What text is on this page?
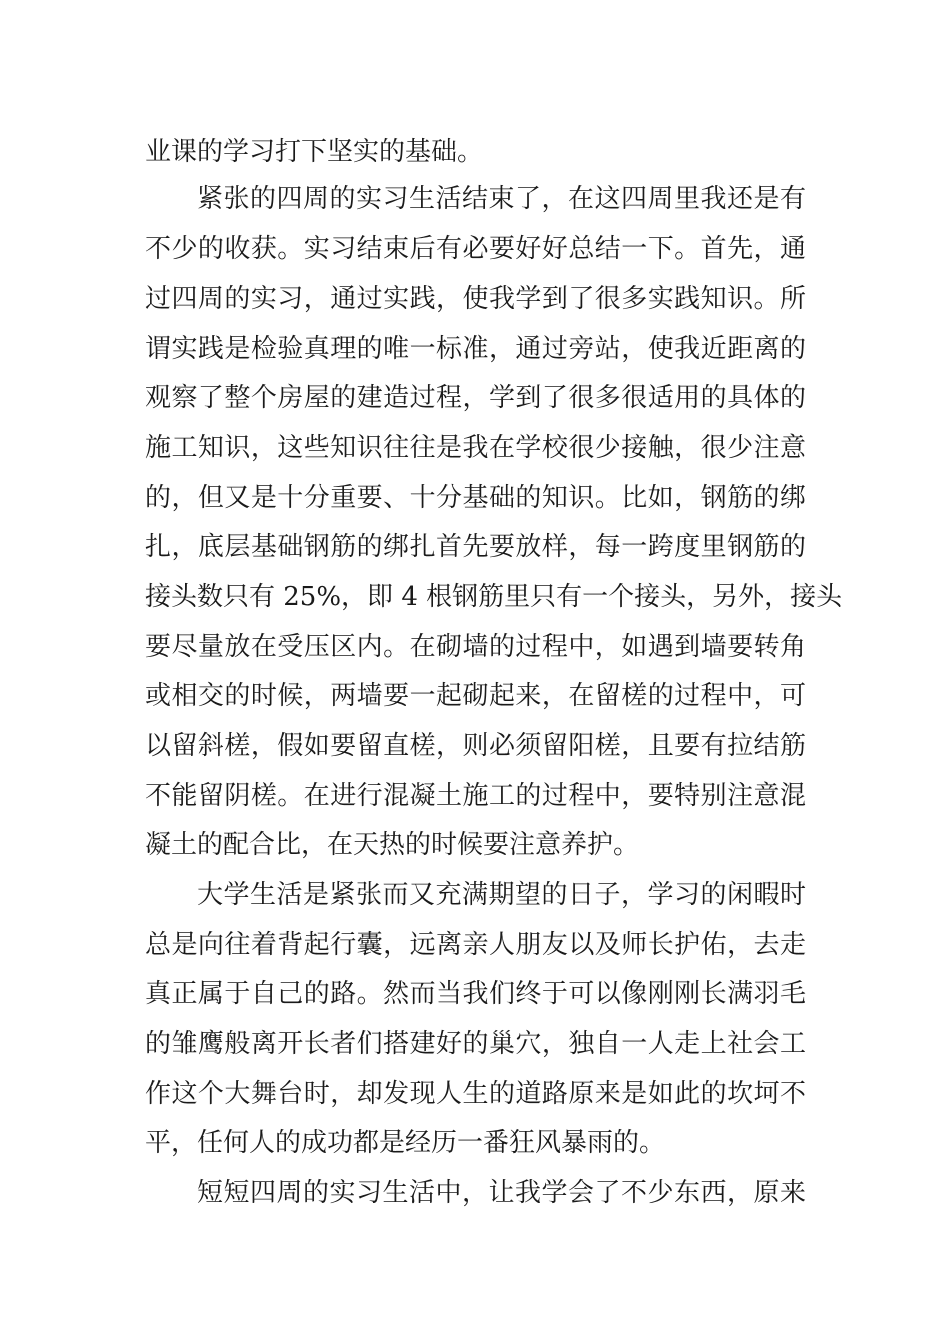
业课的学习打下坚实的基础。

紧张的四周的实习生活结束了，在这四周里我还是有

不少的收获。实习结束后有必要好好总结一下。首先，通

过四周的实习，通过实践，使我学到了很多实践知识。所

谓实践是检验真理的唯一标准，通过旁站，使我近距离的

观察了整个房屋的建造过程，学到了很多很适用的具体的

施工知识，这些知识往往是我在学校很少接触，很少注意

的，但又是十分重要、十分基础的知识。比如，钢筋的绑

扎，底层基础钢筋的绑扎首先要放样，每一跨度里钢筋的

接头数只有 25%，即 4 根钢筋里只有一个接头，另外，接头

要尽量放在受压区内。在砌墙的过程中，如遇到墙要转角

或相交的时候，两墙要一起砌起来，在留槎的过程中，可

以留斜槎，假如要留直槎，则必须留阳槎，且要有拉结筋

不能留阴槎。在进行混凝土施工的过程中，要特别注意混

凝土的配合比，在天热的时候要注意养护。

大学生活是紧张而又充满期望的日子，学习的闲暇时

总是向往着背起行囊，远离亲人朋友以及师长护佑，去走

真正属于自己的路。然而当我们终于可以像刚刚长满羽毛

的雏鹰般离开长者们搭建好的巢穴，独自一人走上社会工

作这个大舞台时，却发现人生的道路原来是如此的坎坷不

平，任何人的成功都是经历一番狂风暴雨的。

短短四周的实习生活中，让我学会了不少东西，原来
